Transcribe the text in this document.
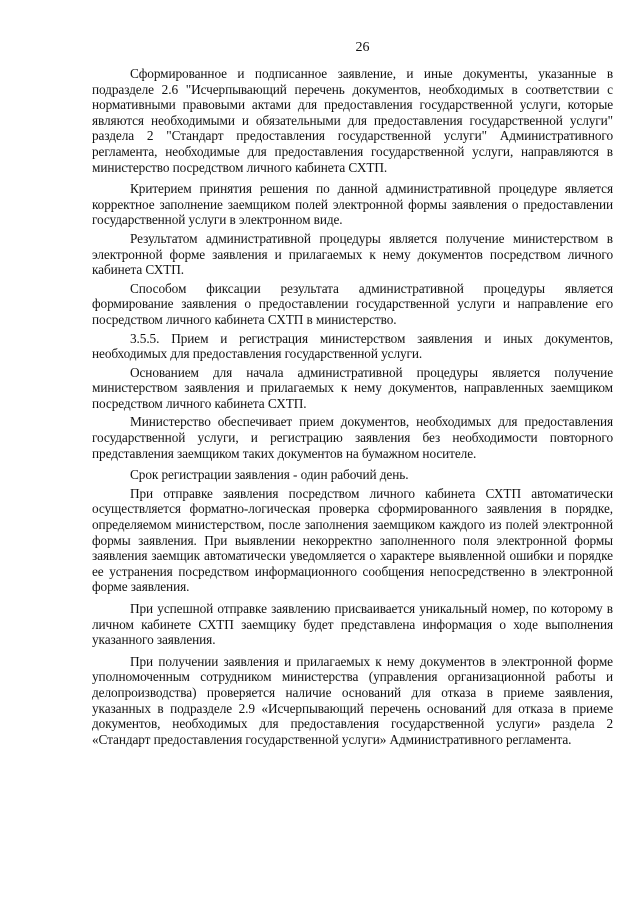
26

Сформированное и подписанное заявление, и иные документы, указанные в подразделе 2.6 "Исчерпывающий перечень документов, необходимых в соответствии с нормативными правовыми актами для предоставления государственной услуги, которые являются необходимыми и обязательными для предоставления государственной услуги" раздела 2 "Стандарт предоставления государственной услуги" Административного регламента, необходимые для предоставления государственной услуги, направляются в министерство посредством личного кабинета СХТП.

Критерием принятия решения по данной административной процедуре является корректное заполнение заемщиком полей электронной формы заявления о предоставлении государственной услуги в электронном виде.

Результатом административной процедуры является получение министерством в электронной форме заявления и прилагаемых к нему документов посредством личного кабинета СХТП.

Способом фиксации результата административной процедуры является формирование заявления о предоставлении государственной услуги и направление его посредством личного кабинета СХТП в министерство.

3.5.5. Прием и регистрация министерством заявления и иных документов, необходимых для предоставления государственной услуги.

Основанием для начала административной процедуры является получение министерством заявления и прилагаемых к нему документов, направленных заемщиком посредством личного кабинета СХТП.

Министерство обеспечивает прием документов, необходимых для предоставления государственной услуги, и регистрацию заявления без необходимости повторного представления заемщиком таких документов на бумажном носителе.

Срок регистрации заявления - один рабочий день.

При отправке заявления посредством личного кабинета СХТП автоматически осуществляется форматно-логическая проверка сформированного заявления в порядке, определяемом министерством, после заполнения заемщиком каждого из полей электронной формы заявления. При выявлении некорректно заполненного поля электронной формы заявления заемщик автоматически уведомляется о характере выявленной ошибки и порядке ее устранения посредством информационного сообщения непосредственно в электронной форме заявления.

При успешной отправке заявлению присваивается уникальный номер, по которому в личном кабинете СХТП заемщику будет представлена информация о ходе выполнения указанного заявления.

При получении заявления и прилагаемых к нему документов в электронной форме уполномоченным сотрудником министерства (управления организационной работы и делопроизводства) проверяется наличие оснований для отказа в приеме заявления, указанных в подразделе 2.9 «Исчерпывающий перечень оснований для отказа в приеме документов, необходимых для предоставления государственной услуги» раздела 2 «Стандарт предоставления государственной услуги» Административного регламента.
